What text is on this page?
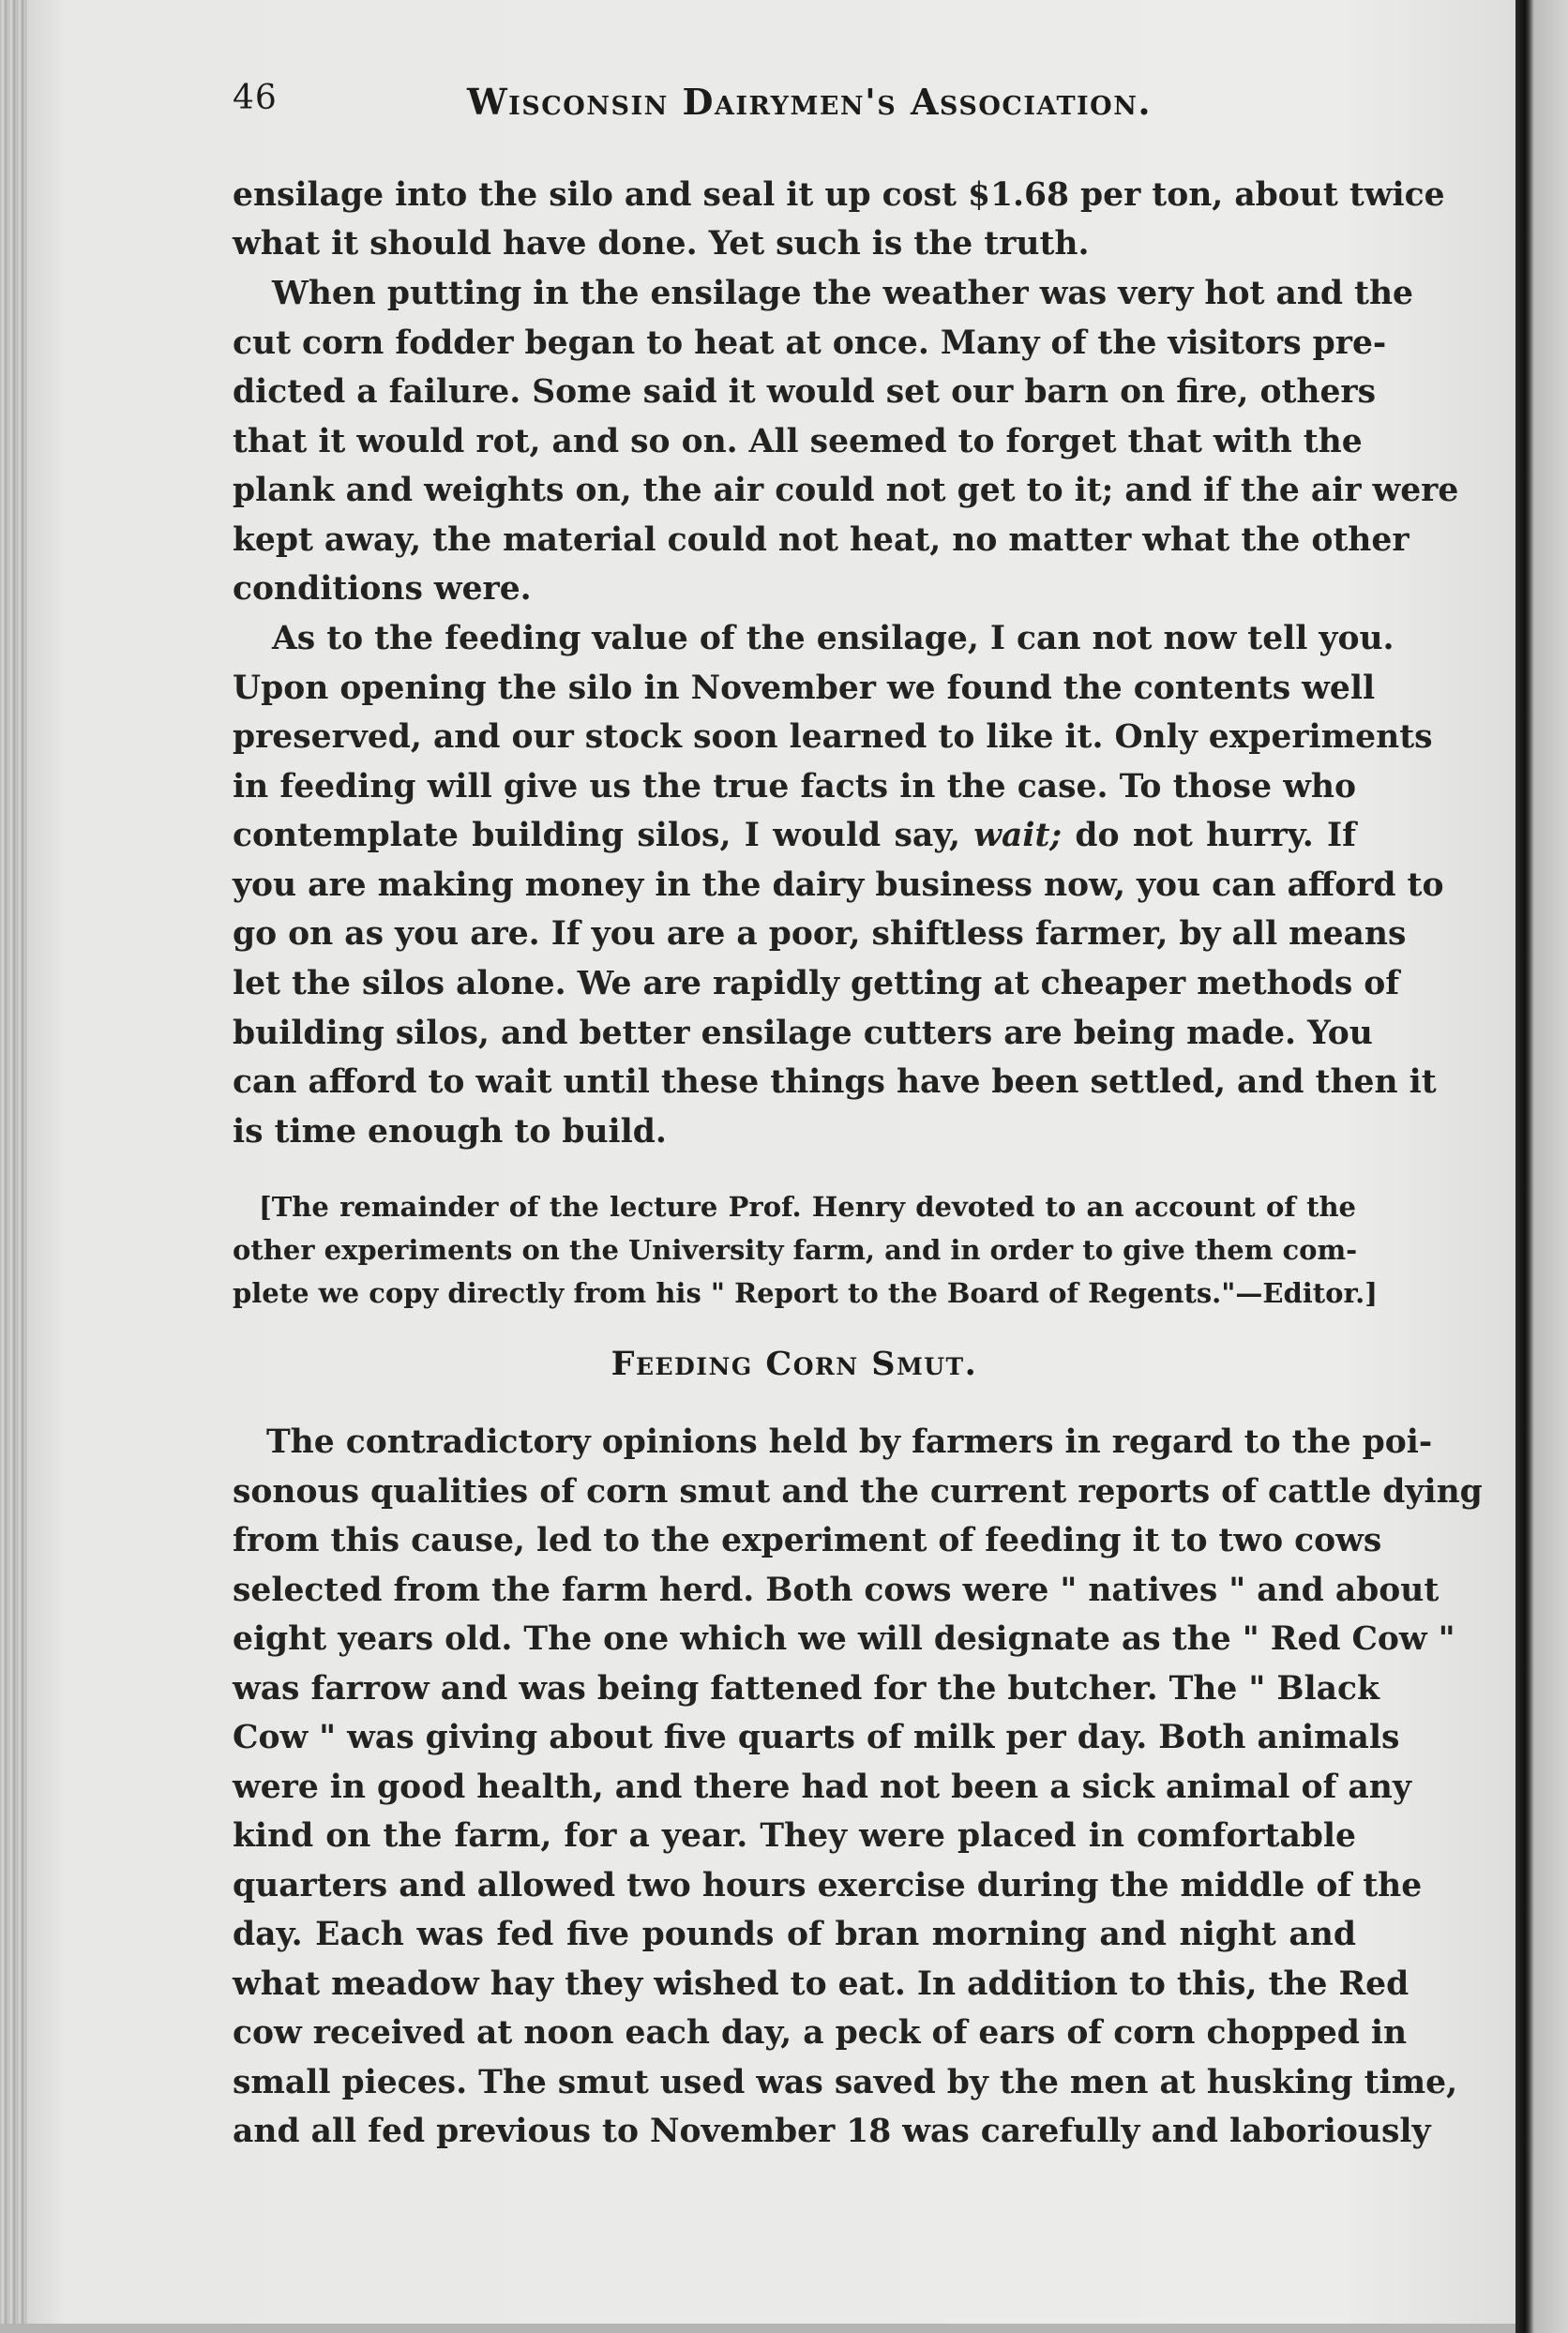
46	Wisconsin Dairymen's Association.
ensilage into the silo and seal it up cost $1.68 per ton, about twice
what it should have done. Yet such is the truth.
When putting in the ensilage the weather was very hot and the
cut corn fodder began to heat at once. Many of the visitors pre-
dicted a failure. Some said it would set our barn on fire, others
that it would rot, and so on. All seemed to forget that with the
plank and weights on, the air could not get to it; and if the air were
kept away, the material could not heat, no matter what the other
conditions were.
As to the feeding value of the ensilage, I can not now tell you.
Upon opening the silo in November we found the contents well
preserved, and our stock soon learned to like it. Only experiments
in feeding will give us the true facts in the case. To those who
contemplate building silos, I would say, wait; do not hurry. If
you are making money in the dairy business now, you can afford to
go on as you are. If you are a poor, shiftless farmer, by all means
let the silos alone. We are rapidly getting at cheaper methods of
building silos, and better ensilage cutters are being made. You
can afford to wait until these things have been settled, and then it
is time enough to build.
[The remainder of the lecture Prof. Henry devoted to an account of the
other experiments on the University farm, and in order to give them com-
plete we copy directly from his " Report to the Board of Regents."—Editor.]
Feeding Corn Smut.
The contradictory opinions held by farmers in regard to the poi-
sonous qualities of corn smut and the current reports of cattle dying
from this cause, led to the experiment of feeding it to two cows
selected from the farm herd. Both cows were " natives " and about
eight years old. The one which we will designate as the " Red Cow "
was farrow and was being fattened for the butcher. The " Black
Cow " was giving about five quarts of milk per day. Both animals
were in good health, and there had not been a sick animal of any
kind on the farm, for a year. They were placed in comfortable
quarters and allowed two hours exercise during the middle of the
day. Each was fed five pounds of bran morning and night and
what meadow hay they wished to eat. In addition to this, the Red
cow received at noon each day, a peck of ears of corn chopped in
small pieces. The smut used was saved by the men at husking time,
and all fed previous to November 18 was carefully and laboriously
